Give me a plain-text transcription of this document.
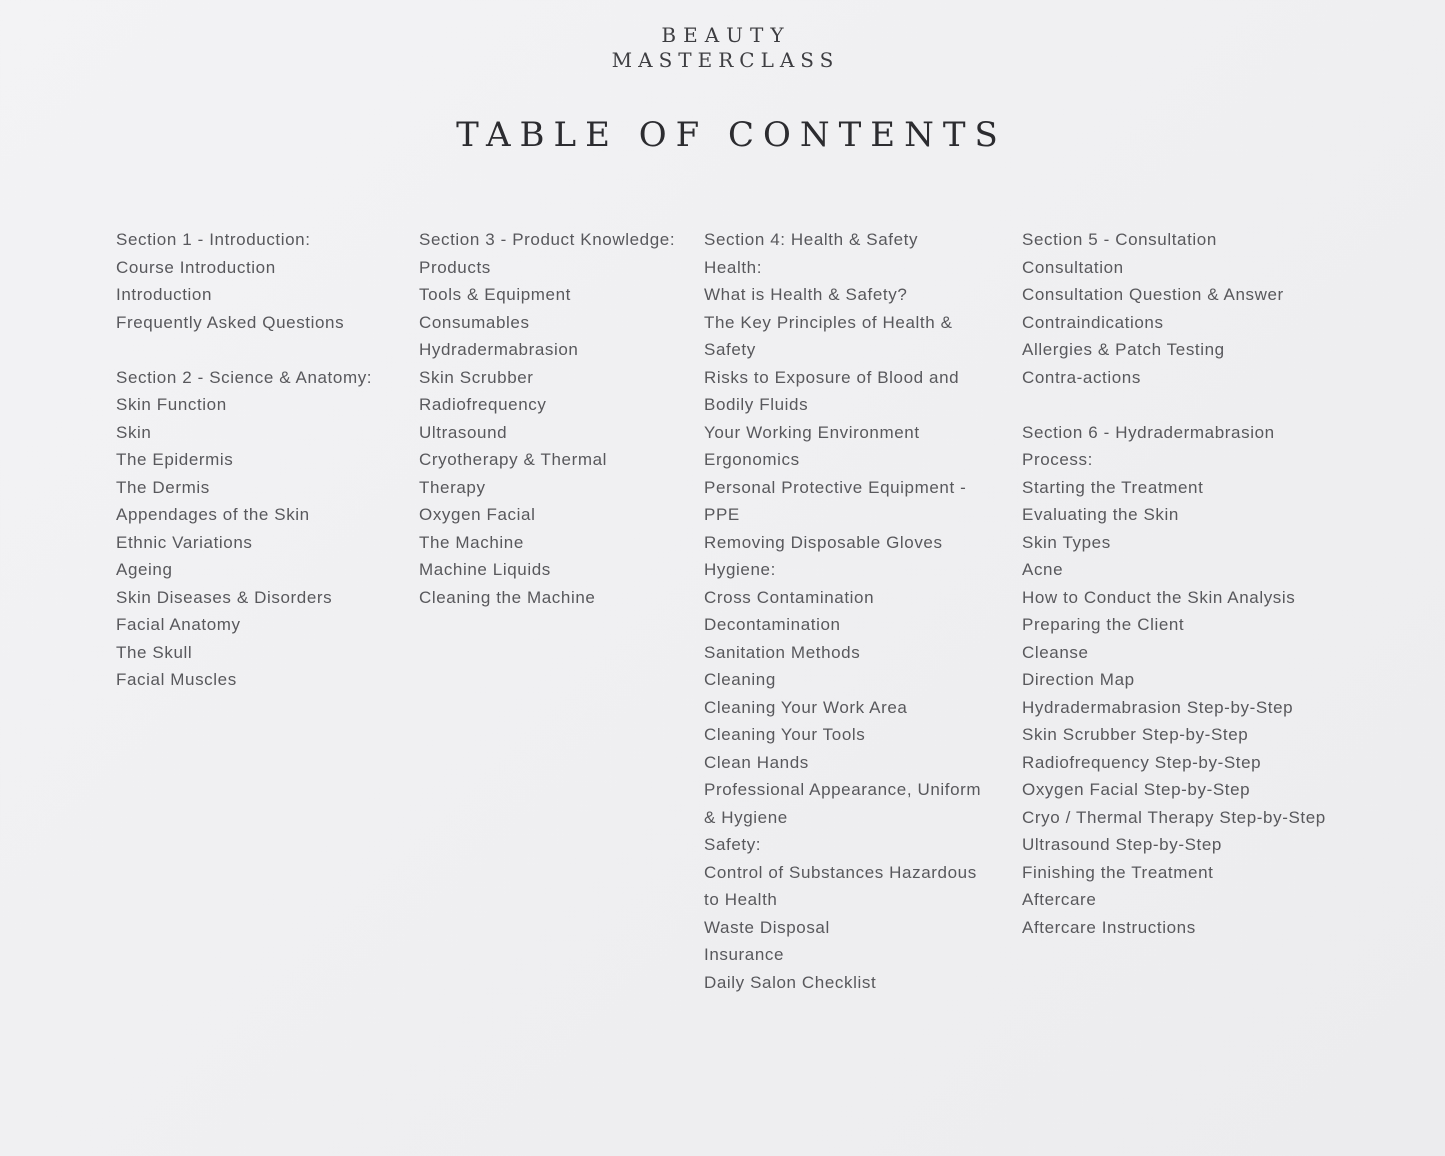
BEAUTY
MASTERCLASS
TABLE OF CONTENTS
Section 1 - Introduction:
Course Introduction
Introduction
Frequently Asked Questions
Section 2 - Science & Anatomy:
Skin Function
Skin
The Epidermis
The Dermis
Appendages of the Skin
Ethnic Variations
Ageing
Skin Diseases & Disorders
Facial Anatomy
The Skull
Facial Muscles
Section 3 - Product Knowledge:
Products
Tools & Equipment
Consumables
Hydradermabrasion
Skin Scrubber
Radiofrequency
Ultrasound
Cryotherapy & Thermal
Therapy
Oxygen Facial
The Machine
Machine Liquids
Cleaning the Machine
Section 4: Health & Safety
Health:
What is Health & Safety?
The Key Principles of Health &
Safety
Risks to Exposure of Blood and
Bodily Fluids
Your Working Environment
Ergonomics
Personal Protective Equipment -
PPE
Removing Disposable Gloves
Hygiene:
Cross Contamination
Decontamination
Sanitation Methods
Cleaning
Cleaning Your Work Area
Cleaning Your Tools
Clean Hands
Professional Appearance, Uniform
& Hygiene
Safety:
Control of Substances Hazardous
to Health
Waste Disposal
Insurance
Daily Salon Checklist
Section 5 - Consultation
Consultation
Consultation Question & Answer
Contraindications
Allergies & Patch Testing
Contra-actions
Section 6 - Hydradermabrasion
Process:
Starting the Treatment
Evaluating the Skin
Skin Types
Acne
How to Conduct the Skin Analysis
Preparing the Client
Cleanse
Direction Map
Hydradermabrasion Step-by-Step
Skin Scrubber Step-by-Step
Radiofrequency Step-by-Step
Oxygen Facial Step-by-Step
Cryo / Thermal Therapy Step-by-Step
Ultrasound Step-by-Step
Finishing the Treatment
Aftercare
Aftercare Instructions
